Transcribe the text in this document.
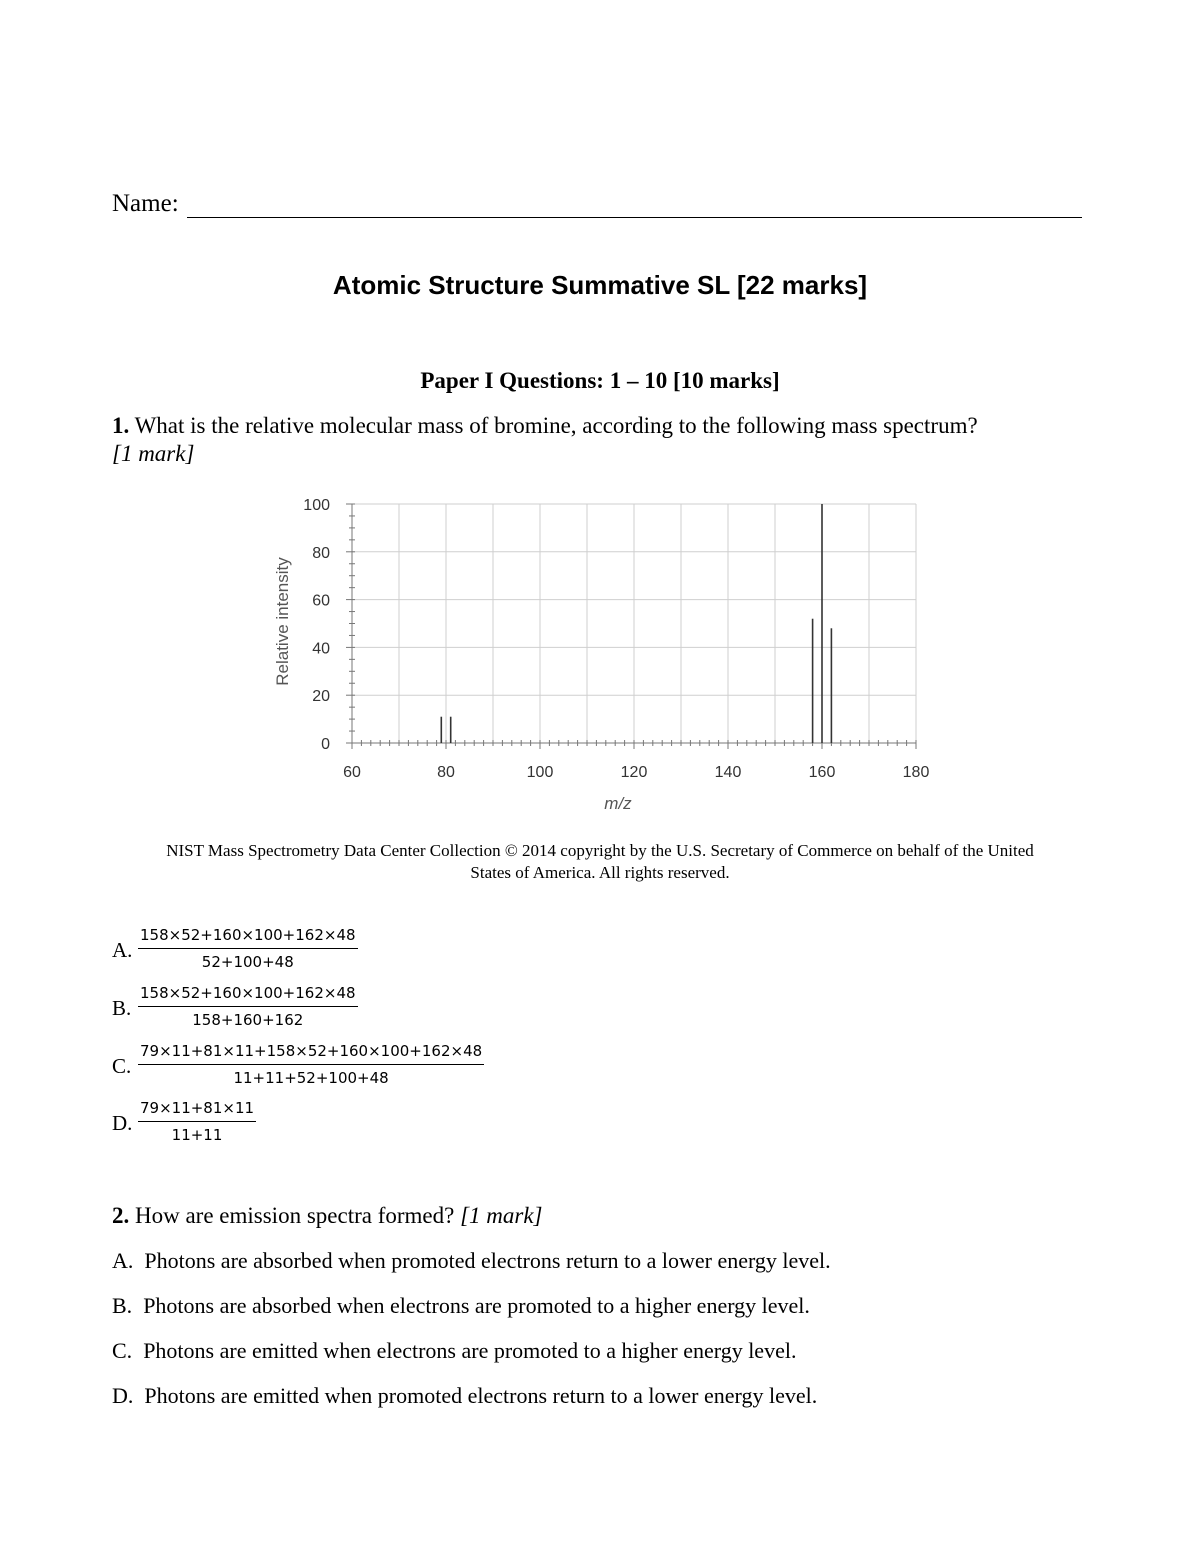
Name:
Atomic Structure Summative SL [22 marks]
Paper I Questions: 1 – 10 [10 marks]
1. What is the relative molecular mass of bromine, according to the following mass spectrum?
[1 mark]
60	80	100	120	140	160	180
0
20
40
60
80
100
m/z
Relative intensity
NIST Mass Spectrometry Data Center Collection © 2014 copyright by the U.S. Secretary of Commerce on behalf of the United
States of America. All rights reserved.
A. $\frac{158\times 52+160\times 100+162\times 48}{52+100+48}$
B. $\frac{158\times 52+160\times 100+162\times 48}{158+160+162}$
C. $\frac{79\times 11+81\times 11+158\times 52+160\times 100+162\times 48}{11+11+52+100+48}$
D. $\frac{79\times 11+81\times 11}{11+11}$
2. How are emission spectra formed? [1 mark]
A. Photons are absorbed when promoted electrons return to a lower energy level.
B. Photons are absorbed when electrons are promoted to a higher energy level.
C. Photons are emitted when electrons are promoted to a higher energy level.
D. Photons are emitted when promoted electrons return to a lower energy level.
